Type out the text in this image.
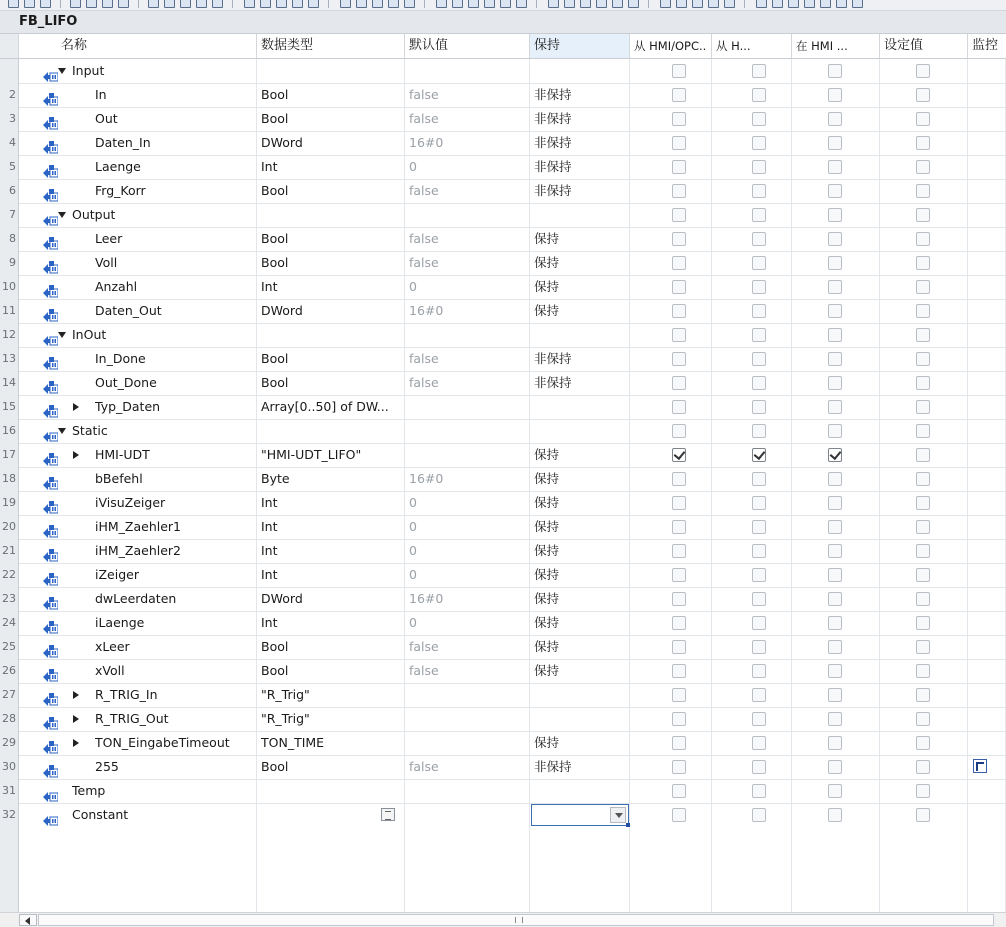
FB_LIFO
名称	数据类型	默认值	保持	从 HMI/OPC.. 从 H...	在 HMI ...	设定值	监控
Input
2	In	Bool	false	非保持
3	Out	Bool	false	非保持
4	Daten_In	DWord	16#0	非保持
5	Laenge	Int	0	非保持
6	Frg_Korr	Bool	false	非保持
7	Output
8	Leer	Bool	false	保持
9	Voll	Bool	false	保持
10	Anzahl	Int	0	保持
11	Daten_Out	DWord	16#0	保持
12	InOut
13	In_Done	Bool	false	非保持
14	Out_Done	Bool	false	非保持
15	Typ_Daten	Array[0..50] of DW...
16	Static
17	HMI-UDT	"HMI-UDT_LIFO"	保持
18	bBefehl	Byte	16#0	保持
19	iVisuZeiger	Int	0	保持
20	iHM_Zaehler1	Int	0	保持
21	iHM_Zaehler2	Int	0	保持
22	iZeiger	Int	0	保持
23	dwLeerdaten	DWord	16#0	保持
24	iLaenge	Int	0	保持
25	xLeer	Bool	false	保持
26	xVoll	Bool	false	保持
27	R_TRIG_In	"R_Trig"
28	R_TRIG_Out	"R_Trig"
29	TON_EingabeTimeout	TON_TIME	保持
30	255	Bool	false	非保持
31	Temp
32	Constant
